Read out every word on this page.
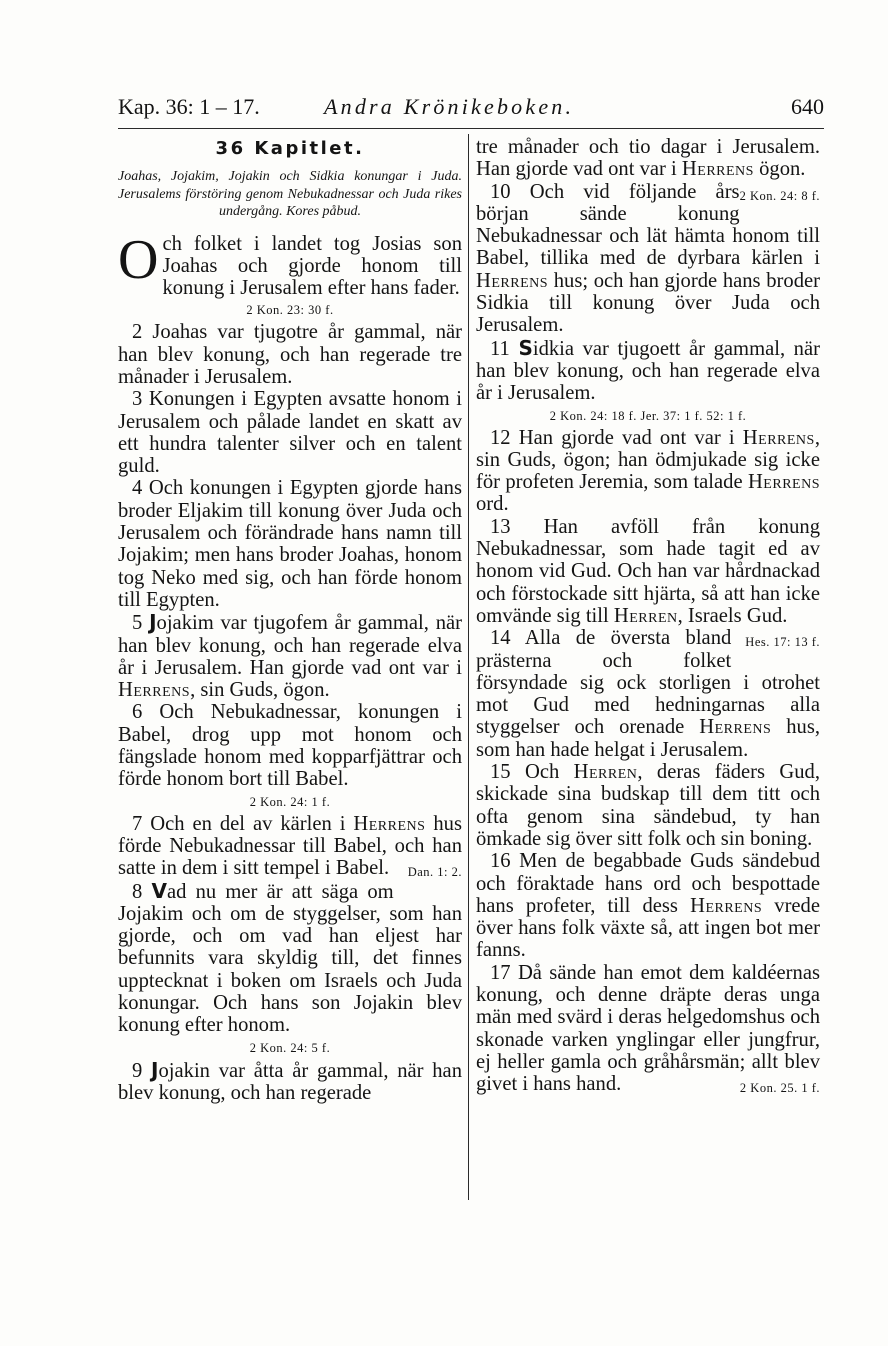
Kap. 36: 1 – 17.	Andra Krönikeboken.	640
36 Kapitlet.
Joahas, Jojakim, Jojakin och Sidkia konungar i Juda. Jerusalems förstöring genom Nebukadnessar och Juda rikes undergång. Kores påbud.

Och folket i landet tog Josias son Joahas och gjorde honom till konung i Jerusalem efter hans fader.

2 Kon. 23: 30 f.

2 Joahas var tjugotre år gammal, när han blev konung, och han regerade tre månader i Jerusalem.

3 Konungen i Egypten avsatte honom i Jerusalem och pålade landet en skatt av ett hundra talenter silver och en talent guld.

4 Och konungen i Egypten gjorde hans broder Eljakim till konung över Juda och Jerusalem och förändrade hans namn till Jojakim; men hans broder Joahas, honom tog Neko med sig, och han förde honom till Egypten.

5 Jojakim var tjugofem år gammal, när han blev konung, och han regerade elva år i Jerusalem. Han gjorde vad ont var i Herrens, sin Guds, ögon.

6 Och Nebukadnessar, konungen i Babel, drog upp mot honom och fängslade honom med kopparfjättrar och förde honom bort till Babel.

2 Kon. 24: 1 f.

7 Och en del av kärlen i Herrens hus förde Nebukadnessar till Babel, och han satte in dem i sitt tempel i Babel.	Dan. 1: 2.

8 Vad nu mer är att säga om Jojakim och om de styggelser, som han gjorde, och om vad han eljest har befunnits vara skyldig till, det finnes upptecknat i boken om Israels och Juda konungar. Och hans son Jojakin blev konung efter honom.

2 Kon. 24: 5 f.

9 Jojakin var åtta år gammal, när han blev konung, och han regerade

tre månader och tio dagar i Jerusalem. Han gjorde vad ont var i Herrens ögon.
2 Kon. 24: 8 f.

10 Och vid följande års början sände konung Nebukadnessar och lät hämta honom till Babel, tillika med de dyrbara kärlen i Herrens hus; och han gjorde hans broder Sidkia till konung över Juda och Jerusalem.

11 Sidkia var tjugoett år gammal, när han blev konung, och han regerade elva år i Jerusalem.

2 Kon. 24: 18 f. Jer. 37: 1 f. 52: 1 f.

12 Han gjorde vad ont var i Herrens, sin Guds, ögon; han ödmjukade sig icke för profeten Jeremia, som talade Herrens ord.

13 Han avföll från konung Nebukadnessar, som hade tagit ed av honom vid Gud. Och han var hårdnackad och förstockade sitt hjärta, så att han icke omvände sig till Herren, Israels Gud.
Hes. 17: 13 f.

14 Alla de översta bland prästerna och folket försyndade sig ock storligen i otrohet mot Gud med hedningarnas alla styggelser och orenade Herrens hus, som han hade helgat i Jerusalem.

15 Och Herren, deras fäders Gud, skickade sina budskap till dem titt och ofta genom sina sändebud, ty han ömkade sig över sitt folk och sin boning.

16 Men de begabbade Guds sändebud och föraktade hans ord och bespottade hans profeter, till dess Herrens vrede över hans folk växte så, att ingen bot mer fanns.

17 Då sände han emot dem kaldéernas konung, och denne dräpte deras unga män med svärd i deras helgedomshus och skonade varken ynglingar eller jungfrur, ej heller gamla och gråhårsmän; allt blev givet i hans hand.	2 Kon. 25. 1 f.
